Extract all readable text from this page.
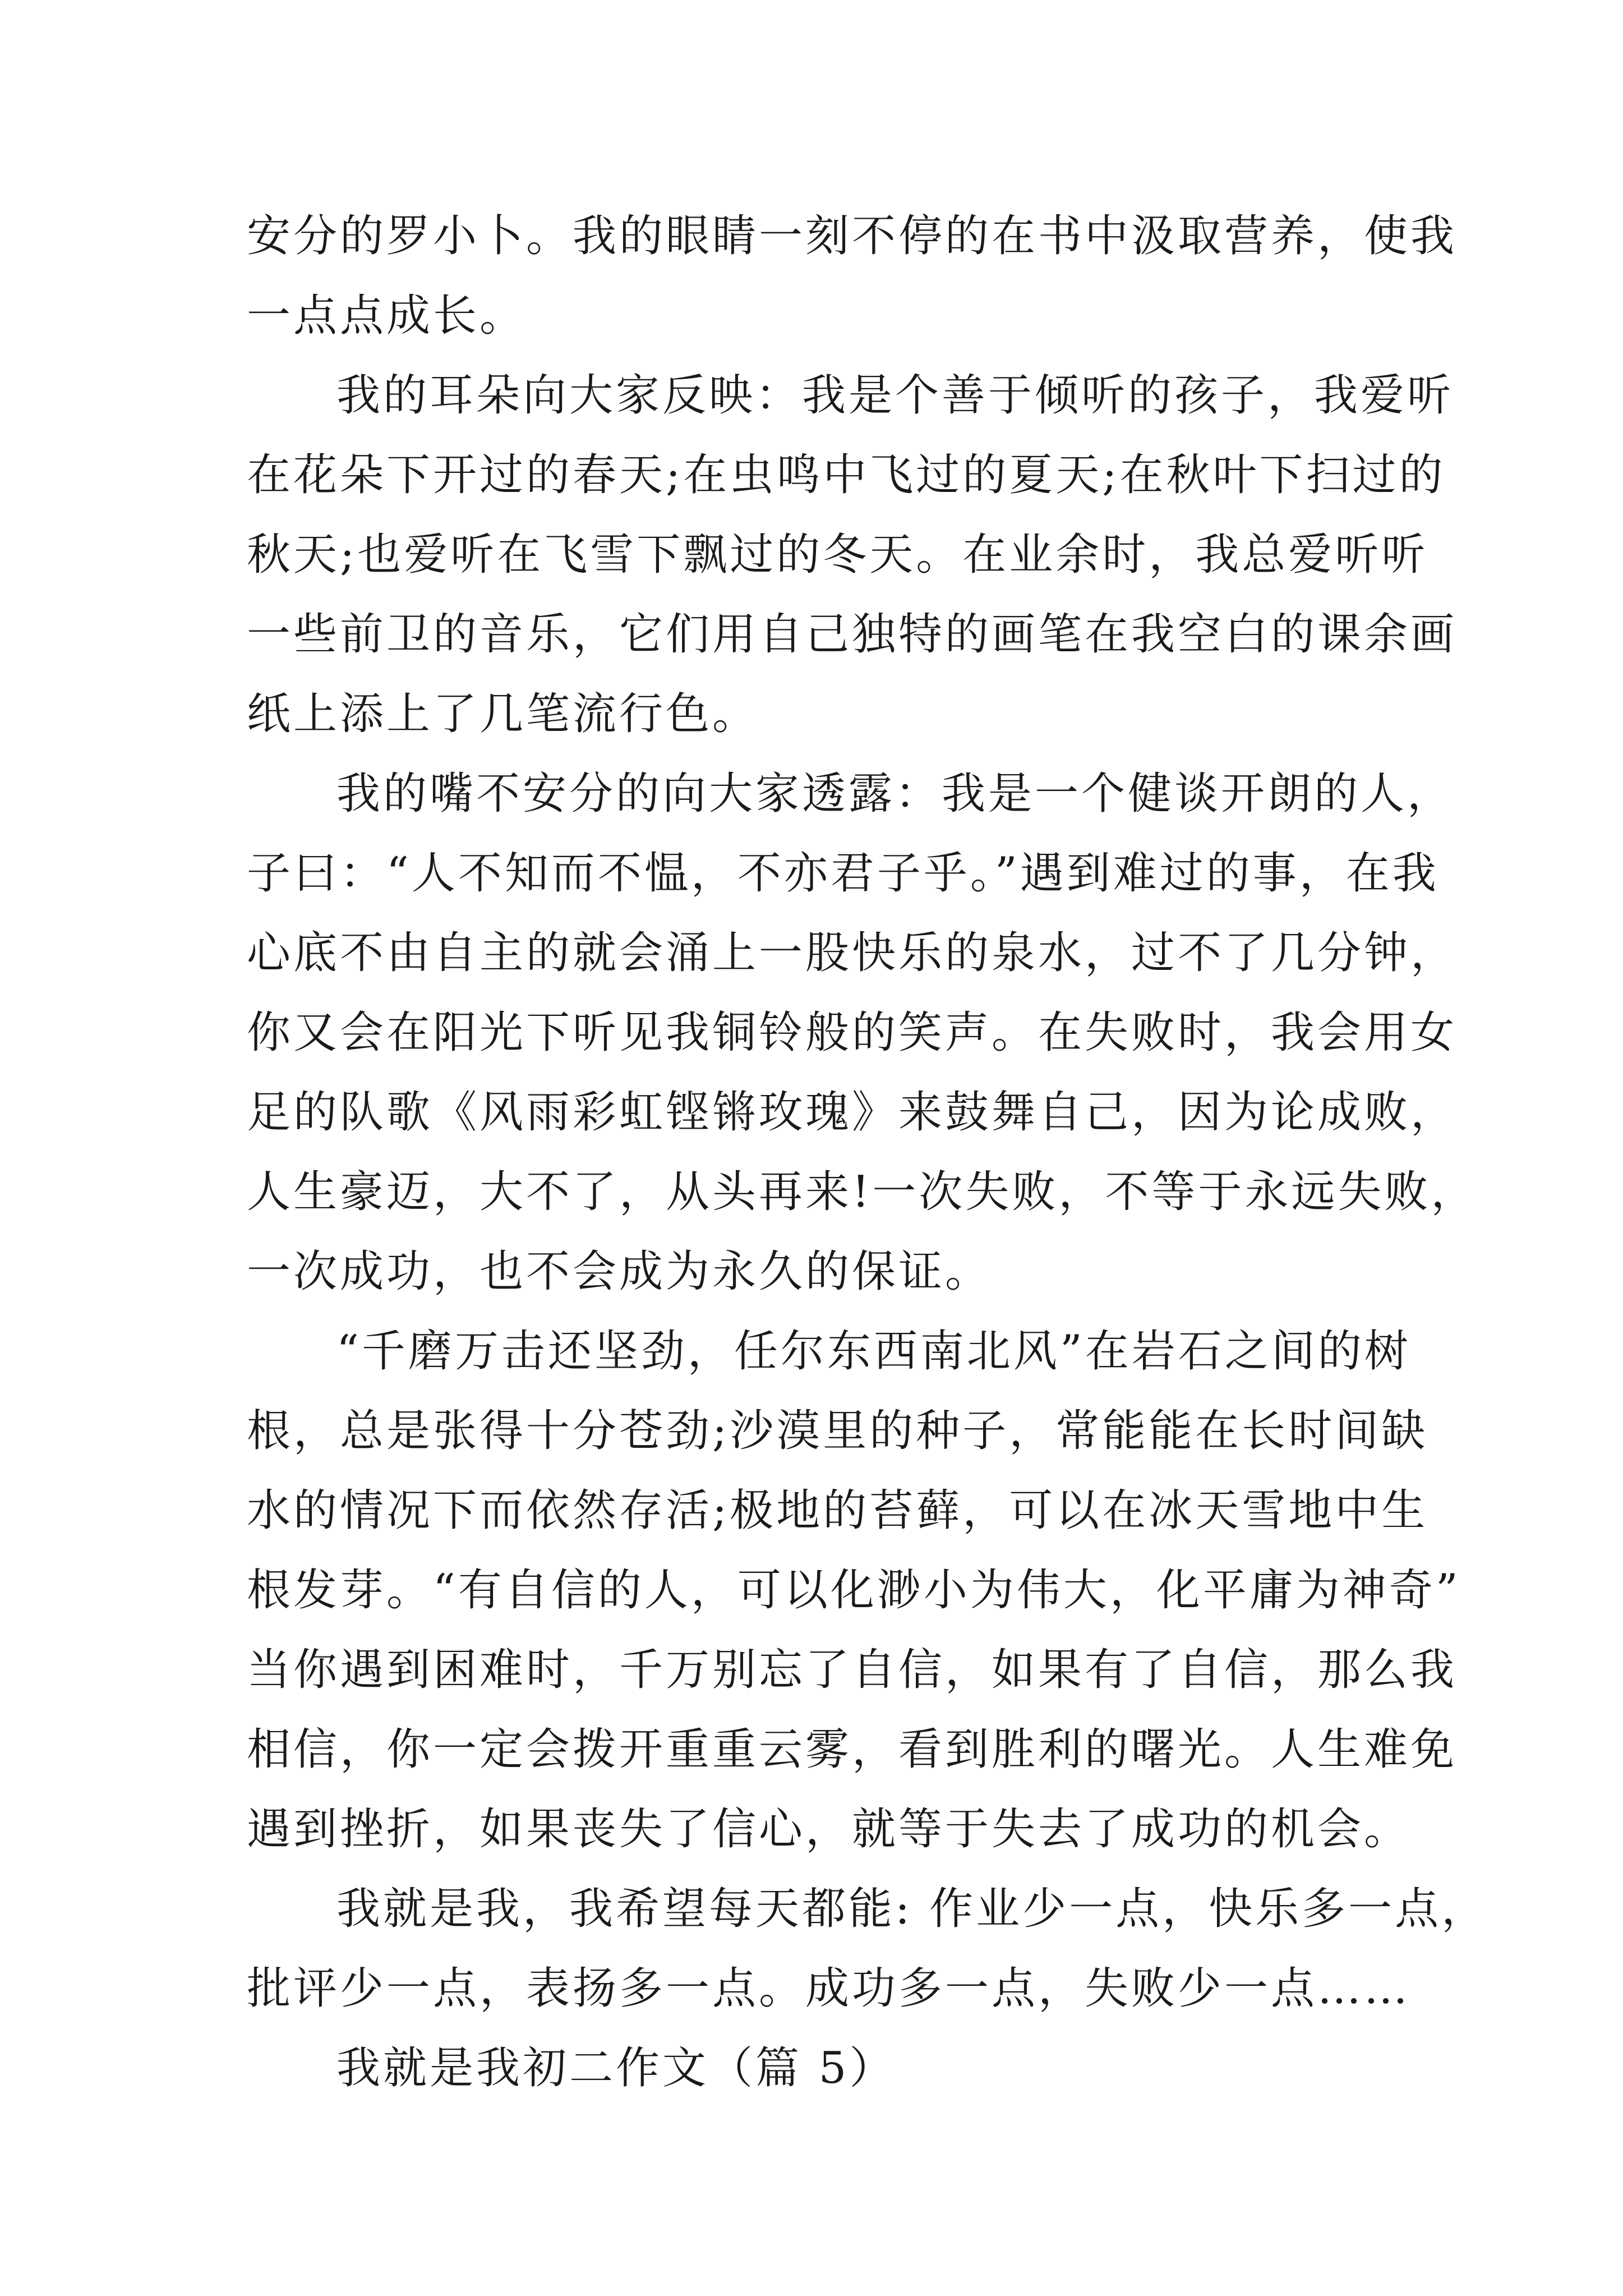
安分的罗小卜。我的眼睛一刻不停的在书中汲取营养，使我
一点点成长。
我的耳朵向大家反映：我是个善于倾听的孩子，我爱听
在花朵下开过的春天;在虫鸣中飞过的夏天;在秋叶下扫过的
秋天;也爱听在飞雪下飘过的冬天。在业余时，我总爱听听
一些前卫的音乐，它们用自己独特的画笔在我空白的课余画
纸上添上了几笔流行色。
我的嘴不安分的向大家透露：我是一个健谈开朗的人，
子曰：“人不知而不愠，不亦君子乎。”遇到难过的事，在我
心底不由自主的就会涌上一股快乐的泉水，过不了几分钟，
你又会在阳光下听见我铜铃般的笑声。在失败时，我会用女
足的队歌《风雨彩虹铿锵玫瑰》来鼓舞自己，因为论成败，
人生豪迈，大不了，从头再来!一次失败，不等于永远失败，
一次成功，也不会成为永久的保证。
“千磨万击还坚劲，任尔东西南北风”在岩石之间的树
根，总是张得十分苍劲;沙漠里的种子，常能能在长时间缺
水的情况下而依然存活;极地的苔藓，可以在冰天雪地中生
根发芽。“有自信的人，可以化渺小为伟大，化平庸为神奇”
当你遇到困难时，千万别忘了自信，如果有了自信，那么我
相信，你一定会拨开重重云雾，看到胜利的曙光。人生难免
遇到挫折，如果丧失了信心，就等于失去了成功的机会。
我就是我，我希望每天都能: 作业少一点，快乐多一点，
批评少一点，表扬多一点。成功多一点，失败少一点……
我就是我初二作文（篇 5）
